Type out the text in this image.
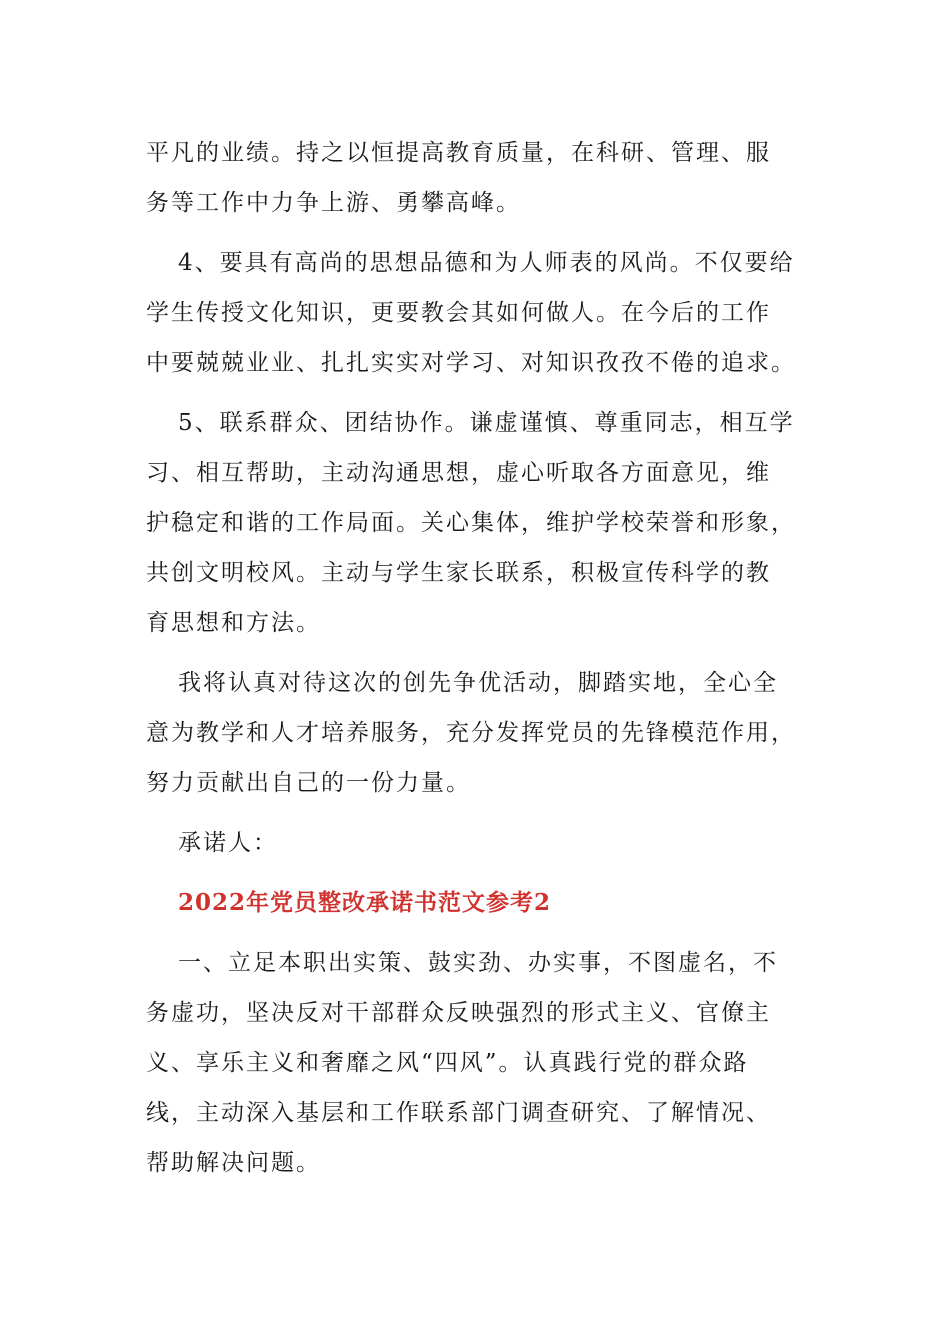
平凡的业绩。持之以恒提高教育质量，在科研、管理、服
务等工作中力争上游、勇攀高峰。

4、要具有高尚的思想品德和为人师表的风尚。不仅要给
学生传授文化知识，更要教会其如何做人。在今后的工作
中要兢兢业业、扎扎实实对学习、对知识孜孜不倦的追求。

5、联系群众、团结协作。谦虚谨慎、尊重同志，相互学
习、相互帮助，主动沟通思想，虚心听取各方面意见，维
护稳定和谐的工作局面。关心集体，维护学校荣誉和形象，
共创文明校风。主动与学生家长联系，积极宣传科学的教
育思想和方法。

我将认真对待这次的创先争优活动，脚踏实地，全心全
意为教学和人才培养服务，充分发挥党员的先锋模范作用，
努力贡献出自己的一份力量。

承诺人：

2022年党员整改承诺书范文参考2

一、立足本职出实策、鼓实劲、办实事，不图虚名，不
务虚功，坚决反对干部群众反映强烈的形式主义、官僚主
义、享乐主义和奢靡之风“四风”。认真践行党的群众路
线，主动深入基层和工作联系部门调查研究、了解情况、
帮助解决问题。
